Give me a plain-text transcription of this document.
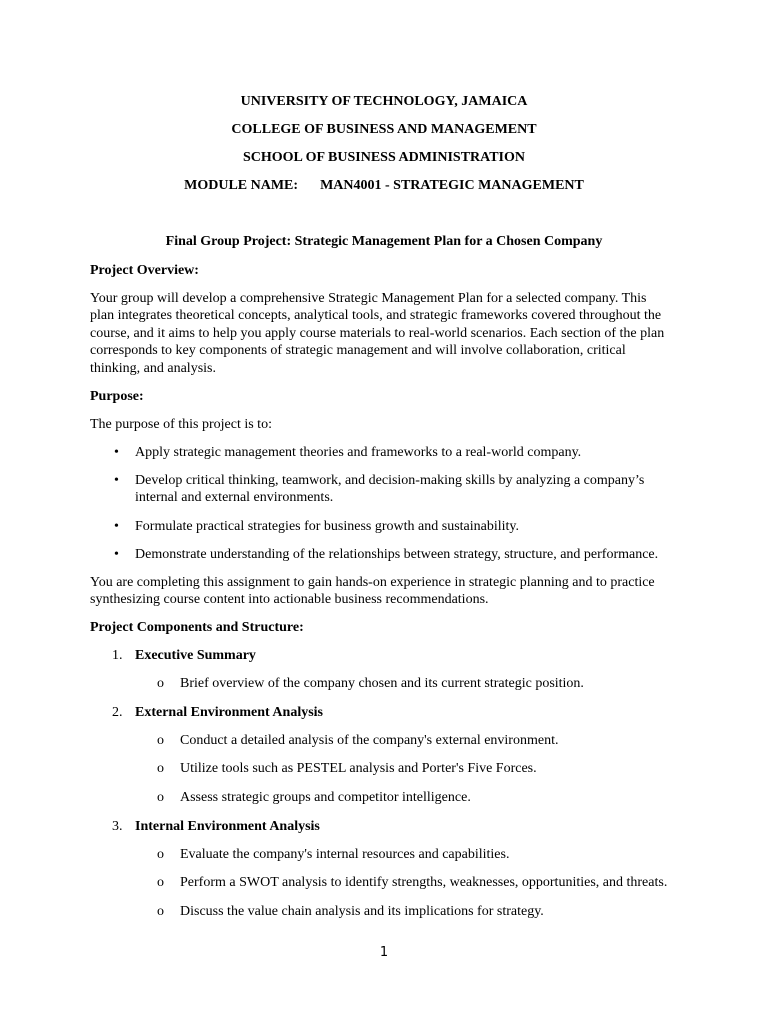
UNIVERSITY OF TECHNOLOGY, JAMAICA
COLLEGE OF BUSINESS AND MANAGEMENT
SCHOOL OF BUSINESS ADMINISTRATION
MODULE NAME: MAN4001 - STRATEGIC MANAGEMENT
Final Group Project: Strategic Management Plan for a Chosen Company
Project Overview:
Your group will develop a comprehensive Strategic Management Plan for a selected company. This plan integrates theoretical concepts, analytical tools, and strategic frameworks covered throughout the course, and it aims to help you apply course materials to real-world scenarios. Each section of the plan corresponds to key components of strategic management and will involve collaboration, critical thinking, and analysis.
Purpose:
The purpose of this project is to:
• Apply strategic management theories and frameworks to a real-world company.
• Develop critical thinking, teamwork, and decision-making skills by analyzing a company’s internal and external environments.
• Formulate practical strategies for business growth and sustainability.
• Demonstrate understanding of the relationships between strategy, structure, and performance.
You are completing this assignment to gain hands-on experience in strategic planning and to practice synthesizing course content into actionable business recommendations.
Project Components and Structure:
1. Executive Summary
o Brief overview of the company chosen and its current strategic position.
2. External Environment Analysis
o Conduct a detailed analysis of the company's external environment.
o Utilize tools such as PESTEL analysis and Porter's Five Forces.
o Assess strategic groups and competitor intelligence.
3. Internal Environment Analysis
o Evaluate the company's internal resources and capabilities.
o Perform a SWOT analysis to identify strengths, weaknesses, opportunities, and threats.
o Discuss the value chain analysis and its implications for strategy.
1
